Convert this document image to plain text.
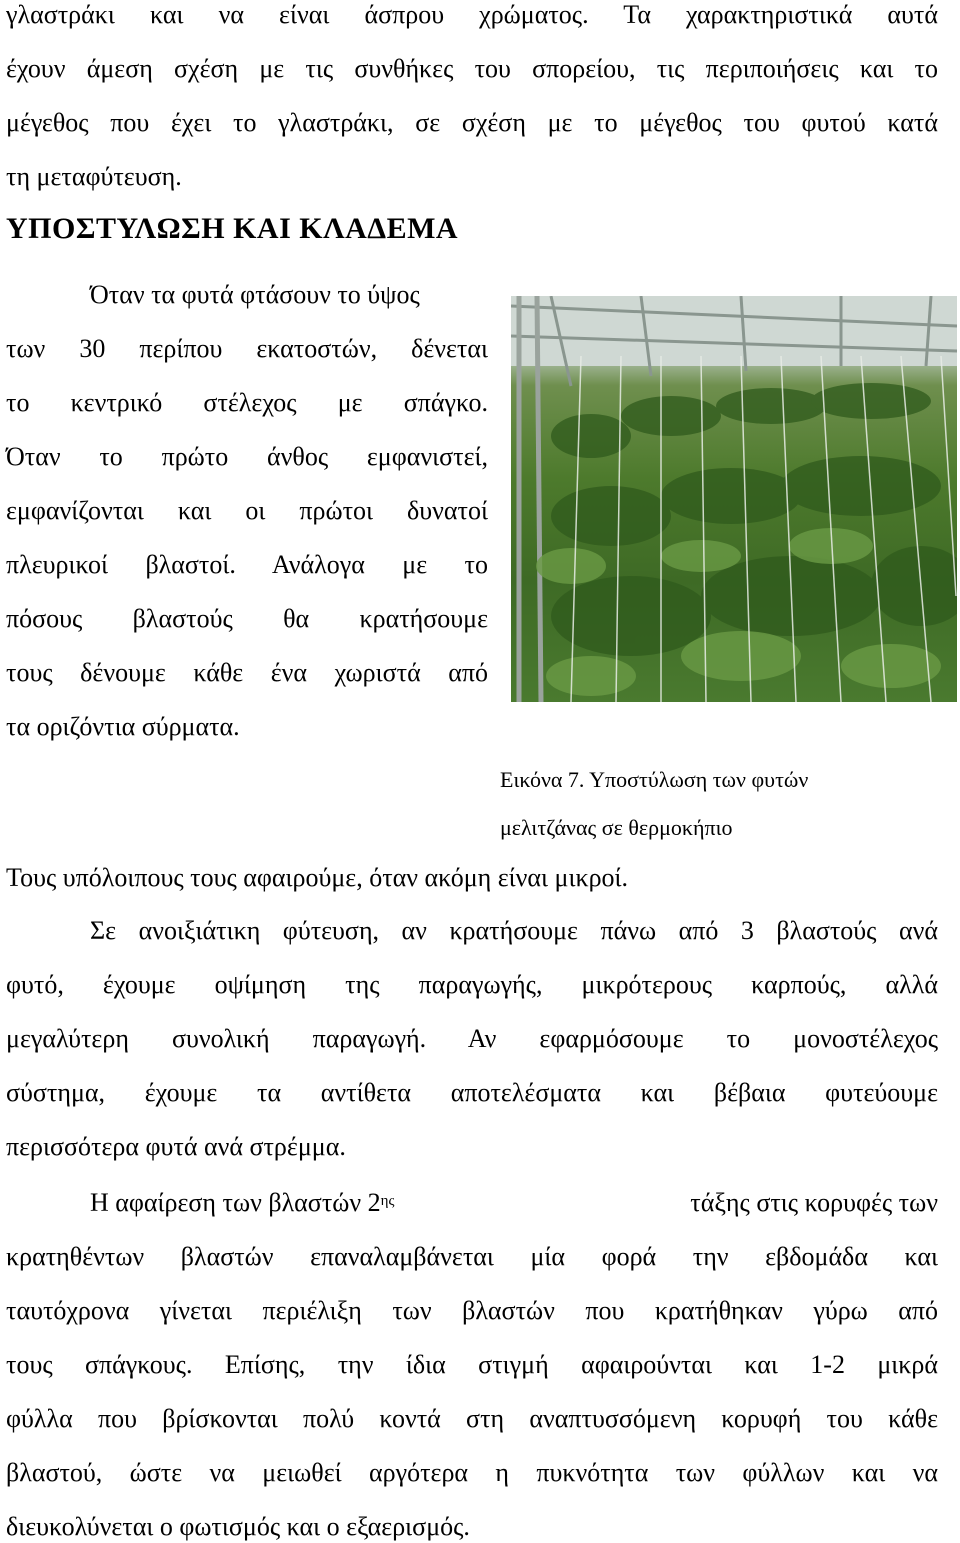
γλαστράκι και να είναι άσπρου χρώματος. Τα χαρακτηριστικά αυτά
έχουν άμεση σχέση με τις συνθήκες του σπορείου, τις περιποιήσεις και το
μέγεθος που έχει το γλαστράκι, σε σχέση με το μέγεθος του φυτού κατά
τη μεταφύτευση.
ΥΠΟΣΤΥΛΩΣΗ ΚΑΙ ΚΛΑΔΕΜΑ
Όταν τα φυτά φτάσουν το ύψος
των 30 περίπου εκατοστών, δένεται
το κεντρικό στέλεχος με σπάγκο.
Όταν το πρώτο άνθος εμφανιστεί,
εμφανίζονται και οι πρώτοι δυνατοί
πλευρικοί βλαστοί. Ανάλογα με το
πόσους βλαστούς θα κρατήσουμε
τους δένουμε κάθε ένα χωριστά από
τα οριζόντια σύρματα.
Εικόνα 7. Υποστύλωση των φυτών
μελιτζάνας σε θερμοκήπιο
Τους υπόλοιπους τους αφαιρούμε, όταν ακόμη είναι μικροί.
Σε ανοιξιάτικη φύτευση, αν κρατήσουμε πάνω από 3 βλαστούς ανά
φυτό, έχουμε οψίμηση της παραγωγής, μικρότερους καρπούς, αλλά
μεγαλύτερη συνολική παραγωγή. Αν εφαρμόσουμε το μονοστέλεχος
σύστημα, έχουμε τα αντίθετα αποτελέσματα και βέβαια φυτεύουμε
περισσότερα φυτά ανά στρέμμα.
Η αφαίρεση των βλαστών $2^{\eta\varsigma}$	τάξης στις κορυφές των
κρατηθέντων βλαστών επαναλαμβάνεται μία φορά την εβδομάδα και
ταυτόχρονα γίνεται περιέλιξη των βλαστών που κρατήθηκαν γύρω από
τους σπάγκους. Επίσης, την ίδια στιγμή αφαιρούνται και 1-2 μικρά
φύλλα που βρίσκονται πολύ κοντά στη αναπτυσσόμενη κορυφή του κάθε
βλαστού, ώστε να μειωθεί αργότερα η πυκνότητα των φύλλων και να
διευκολύνεται ο φωτισμός και ο εξαερισμός.
